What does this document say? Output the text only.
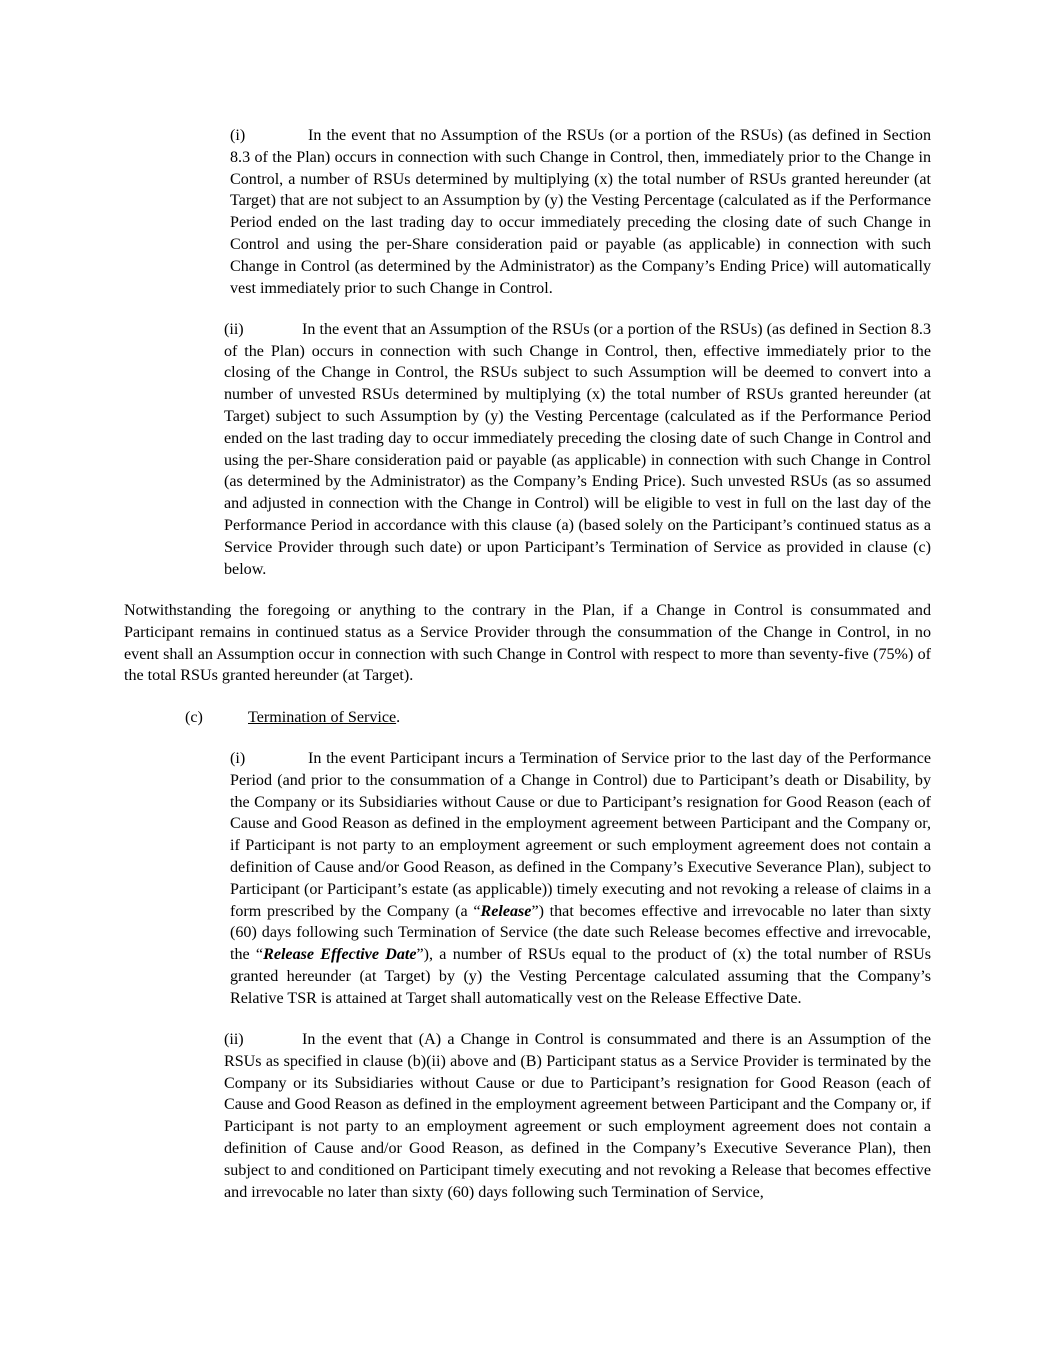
(i)	In the event that no Assumption of the RSUs (or a portion of the RSUs) (as defined in Section 8.3 of the Plan) occurs in connection with such Change in Control, then, immediately prior to the Change in Control, a number of RSUs determined by multiplying (x) the total number of RSUs granted hereunder (at Target) that are not subject to an Assumption by (y) the Vesting Percentage (calculated as if the Performance Period ended on the last trading day to occur immediately preceding the closing date of such Change in Control and using the per-Share consideration paid or payable (as applicable) in connection with such Change in Control (as determined by the Administrator) as the Company’s Ending Price) will automatically vest immediately prior to such Change in Control.

(ii)	In the event that an Assumption of the RSUs (or a portion of the RSUs) (as defined in Section 8.3 of the Plan) occurs in connection with such Change in Control, then, effective immediately prior to the closing of the Change in Control, the RSUs subject to such Assumption will be deemed to convert into a number of unvested RSUs determined by multiplying (x) the total number of RSUs granted hereunder (at Target) subject to such Assumption by (y) the Vesting Percentage (calculated as if the Performance Period ended on the last trading day to occur immediately preceding the closing date of such Change in Control and using the per-Share consideration paid or payable (as applicable) in connection with such Change in Control (as determined by the Administrator) as the Company’s Ending Price). Such unvested RSUs (as so assumed and adjusted in connection with the Change in Control) will be eligible to vest in full on the last day of the Performance Period in accordance with this clause (a) (based solely on the Participant’s continued status as a Service Provider through such date) or upon Participant’s Termination of Service as provided in clause (c) below.

Notwithstanding the foregoing or anything to the contrary in the Plan, if a Change in Control is consummated and Participant remains in continued status as a Service Provider through the consummation of the Change in Control, in no event shall an Assumption occur in connection with such Change in Control with respect to more than seventy-five (75%) of the total RSUs granted hereunder (at Target).

(c)	Termination of Service.

(i)	In the event Participant incurs a Termination of Service prior to the last day of the Performance Period (and prior to the consummation of a Change in Control) due to Participant’s death or Disability, by the Company or its Subsidiaries without Cause or due to Participant’s resignation for Good Reason (each of Cause and Good Reason as defined in the employment agreement between Participant and the Company or, if Participant is not party to an employment agreement or such employment agreement does not contain a definition of Cause and/or Good Reason, as defined in the Company’s Executive Severance Plan), subject to Participant (or Participant’s estate (as applicable)) timely executing and not revoking a release of claims in a form prescribed by the Company (a “Release”) that becomes effective and irrevocable no later than sixty (60) days following such Termination of Service (the date such Release becomes effective and irrevocable, the “Release Effective Date”), a number of RSUs equal to the product of (x) the total number of RSUs granted hereunder (at Target) by (y) the Vesting Percentage calculated assuming that the Company’s Relative TSR is attained at Target shall automatically vest on the Release Effective Date.

(ii)	In the event that (A) a Change in Control is consummated and there is an Assumption of the RSUs as specified in clause (b)(ii) above and (B) Participant status as a Service Provider is terminated by the Company or its Subsidiaries without Cause or due to Participant’s resignation for Good Reason (each of Cause and Good Reason as defined in the employment agreement between Participant and the Company or, if Participant is not party to an employment agreement or such employment agreement does not contain a definition of Cause and/or Good Reason, as defined in the Company’s Executive Severance Plan), then subject to and conditioned on Participant timely executing and not revoking a Release that becomes effective and irrevocable no later than sixty (60) days following such Termination of Service,
